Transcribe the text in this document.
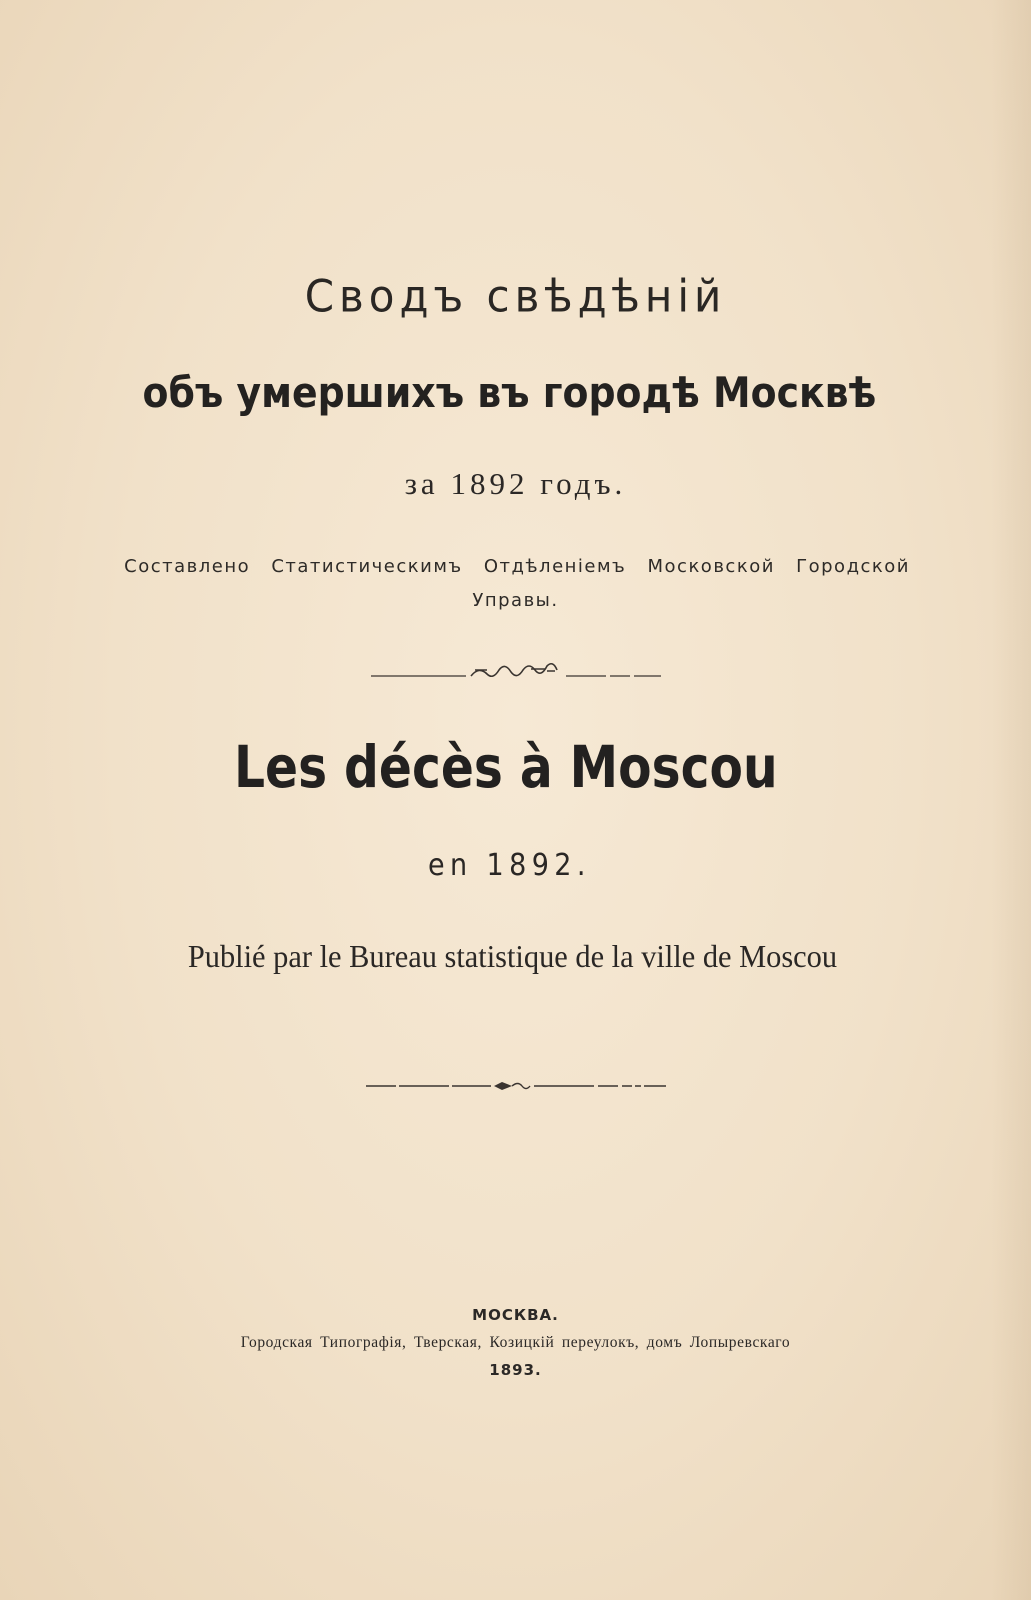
Сводъ свѣдѣній
объ умершихъ въ городѣ Москвѣ
за 1892 годъ.
Составлено Статистическимъ Отдѣленіемъ Московской Городской
Управы.
Les décès à Moscou
en 1892.
Publié par le Bureau statistique de la ville de Moscou
МОСКВА.
Городская Типографія, Тверская, Козицкій переулокъ, домъ Лопыревскаго
1893.
